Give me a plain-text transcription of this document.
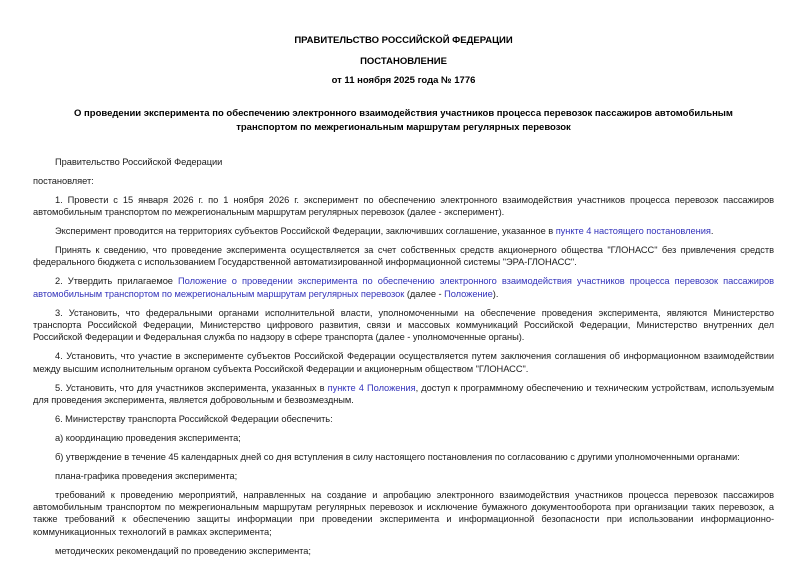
ПРАВИТЕЛЬСТВО РОССИЙСКОЙ ФЕДЕРАЦИИ
ПОСТАНОВЛЕНИЕ
от 11 ноября 2025 года № 1776
О проведении эксперимента по обеспечению электронного взаимодействия участников процесса перевозок пассажиров автомобильным транспортом по межрегиональным маршрутам регулярных перевозок

Правительство Российской Федерации

постановляет:

1. Провести с 15 января 2026 г. по 1 ноября 2026 г. эксперимент по обеспечению электронного взаимодействия участников процесса перевозок пассажиров автомобильным транспортом по межрегиональным маршрутам регулярных перевозок (далее - эксперимент).

Эксперимент проводится на территориях субъектов Российской Федерации, заключивших соглашение, указанное в пункте 4 настоящего постановления.

Принять к сведению, что проведение эксперимента осуществляется за счет собственных средств акционерного общества "ГЛОНАСС" без привлечения средств федерального бюджета с использованием Государственной автоматизированной информационной системы "ЭРА-ГЛОНАСС".

2. Утвердить прилагаемое Положение о проведении эксперимента по обеспечению электронного взаимодействия участников процесса перевозок пассажиров автомобильным транспортом по межрегиональным маршрутам регулярных перевозок (далее - Положение).

3. Установить, что федеральными органами исполнительной власти, уполномоченными на обеспечение проведения эксперимента, являются Министерство транспорта Российской Федерации, Министерство цифрового развития, связи и массовых коммуникаций Российской Федерации, Министерство внутренних дел Российской Федерации и Федеральная служба по надзору в сфере транспорта (далее - уполномоченные органы).

4. Установить, что участие в эксперименте субъектов Российской Федерации осуществляется путем заключения соглашения об информационном взаимодействии между высшим исполнительным органом субъекта Российской Федерации и акционерным обществом "ГЛОНАСС".

5. Установить, что для участников эксперимента, указанных в пункте 4 Положения, доступ к программному обеспечению и техническим устройствам, используемым для проведения эксперимента, является добровольным и безвозмездным.

6. Министерству транспорта Российской Федерации обеспечить:

а) координацию проведения эксперимента;

б) утверждение в течение 45 календарных дней со дня вступления в силу настоящего постановления по согласованию с другими уполномоченными органами:

плана-графика проведения эксперимента;

требований к проведению мероприятий, направленных на создание и апробацию электронного взаимодействия участников процесса перевозок пассажиров автомобильным транспортом по межрегиональным маршрутам регулярных перевозок и исключение бумажного документооборота при организации таких перевозок, а также требований к обеспечению защиты информации при проведении эксперимента и информационной безопасности при использовании информационно-коммуникационных технологий в рамках эксперимента;

методических рекомендаций по проведению эксперимента;
